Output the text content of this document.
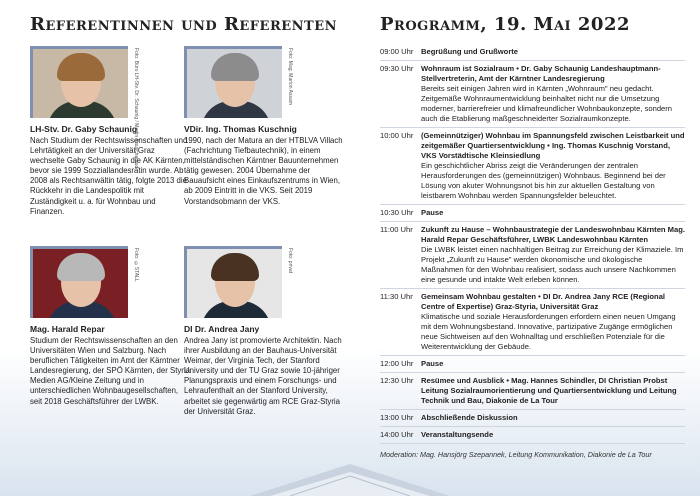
Referentinnen und Referenten Programm, 19. Mai 2022
Foto: Büro LH-Stv. Dr. Schaunig / Martin Rauscheraud
LH-Stv. Dr. Gaby Schaunig
Nach Studium der Rechtswissenschaften und Lehrtätigkeit an der Universität Graz wechselte Gaby Schaunig in die AK Kärnten, bevor sie 1999 Sozziallandesrätin wurde. Ab 2008 als Rechtsanwältin tätig, folgte 2013 die Rückkehr in die Landespolitik mit Zuständigkeit u. a. für Wohnbau und Finanzen.
Foto: Mag. Marion Assam
VDir. Ing. Thomas Kuschnig
1990, nach der Matura an der HTBLVA Villach (Fachrichtung Tiefbautechnik), in einem mittelständischen Kärntner Bauunternehmen tätig gewesen. 2004 Übernahme der Bauaufsicht eines Einkaufszentrums in Wien, ab 2009 Eintritt in die VKS. Seit 2019 Vorstandsobmann der VKS.
Foto: ©STALL
Mag. Harald Repar
Studium der Rechtswissenschaften an den Universitäten Wien und Salzburg. Nach beruflichen Tätigkeiten im Amt der Kärntner Landesregierung, der SPÖ Kärnten, der Styria Medien AG/Kleine Zeitung und in unterschiedlichen Wohnbaugesellschaften, seit 2018 Geschäftsführer der LWBK.
Foto: privat
DI Dr. Andrea Jany
Andrea Jany ist promovierte Architektin. Nach ihrer Ausbildung an der Bauhaus-Universität Weimar, der Virginia Tech, der Stanford University und der TU Graz sowie 10-jähriger Planungspraxis und einem Forschungs- und Lehraufenthalt an der Stanford University, arbeitet sie gegenwärtig am RCE Graz-Styria der Universität Graz.
09:00 Uhr	Begrüßung und Grußworte
09:30 Uhr	Wohnraum ist Sozialraum • Dr. Gaby Schaunig Landeshauptmann-Stellvertreterin, Amt der Kärntner Landesregierung
Bereits seit einigen Jahren wird in Kärnten „Wohnraum" neu gedacht. Zeitgemäße Wohnraumentwicklung beinhaltet nicht nur die Umsetzung moderner, barrierefreier und klimafreundlicher Wohnbaukonzepte, sondern auch die Etablierung maßgeschneiderter Sozialraumkonzepte.
10:00 Uhr	(Gemeinnütziger) Wohnbau im Spannungsfeld zwischen Leistbarkeit und zeitgemäßer Quartiersentwicklung • Ing. Thomas Kuschnig Vorstand, VKS Vorstädtische Kleinsiedlung
Ein geschichtlicher Abriss zeigt die Veränderungen der zentralen Herausforderungen des (gemeinnützigen) Wohnbaus. Beginnend bei der Lösung von akuter Wohnungsnot bis hin zur aktuellen Gestaltung von leistbarem Wohnbau werden Spannungsfelder beleuchtet.
10:30 Uhr	Pause
11:00 Uhr	Zukunft zu Hause – Wohnbaustrategie der Landeswohnbau Kärnten Mag. Harald Repar Geschäftsführer, LWBK Landeswohnbau Kärnten
Die LWBK leistet einen nachhaltigen Beitrag zur Erreichung der Klimaziele. Im Projekt „Zukunft zu Hause" werden ökonomische und ökologische Maßnahmen für den Wohnbau realisiert, sodass auch unsere Nachkommen eine gesunde und intakte Welt erleben können.
11:30 Uhr	Gemeinsam Wohnbau gestalten • DI Dr. Andrea Jany RCE (Regional Centre of Expertise) Graz-Styria, Universität Graz
Klimatische und soziale Herausforderungen erfordern einen neuen Umgang mit dem Wohnungsbestand. Innovative, partizipative Zugänge ermöglichen neue Sichtweisen auf den Wohnalltag und erschließen Potenziale für die Weiterentwicklung der Gebäude.
12:00 Uhr	Pause
12:30 Uhr	Resümee und Ausblick • Mag. Hannes Schindler, DI Christian Probst Leitung Sozialraumorientierung und Quartiersentwicklung und Leitung Technik und Bau, Diakonie de La Tour
13:00 Uhr	Abschließende Diskussion
14:00 Uhr	Veranstaltungsende
Moderation: Mag. Hansjörg Szepannek, Leitung Kommunikation, Diakonie de La Tour
